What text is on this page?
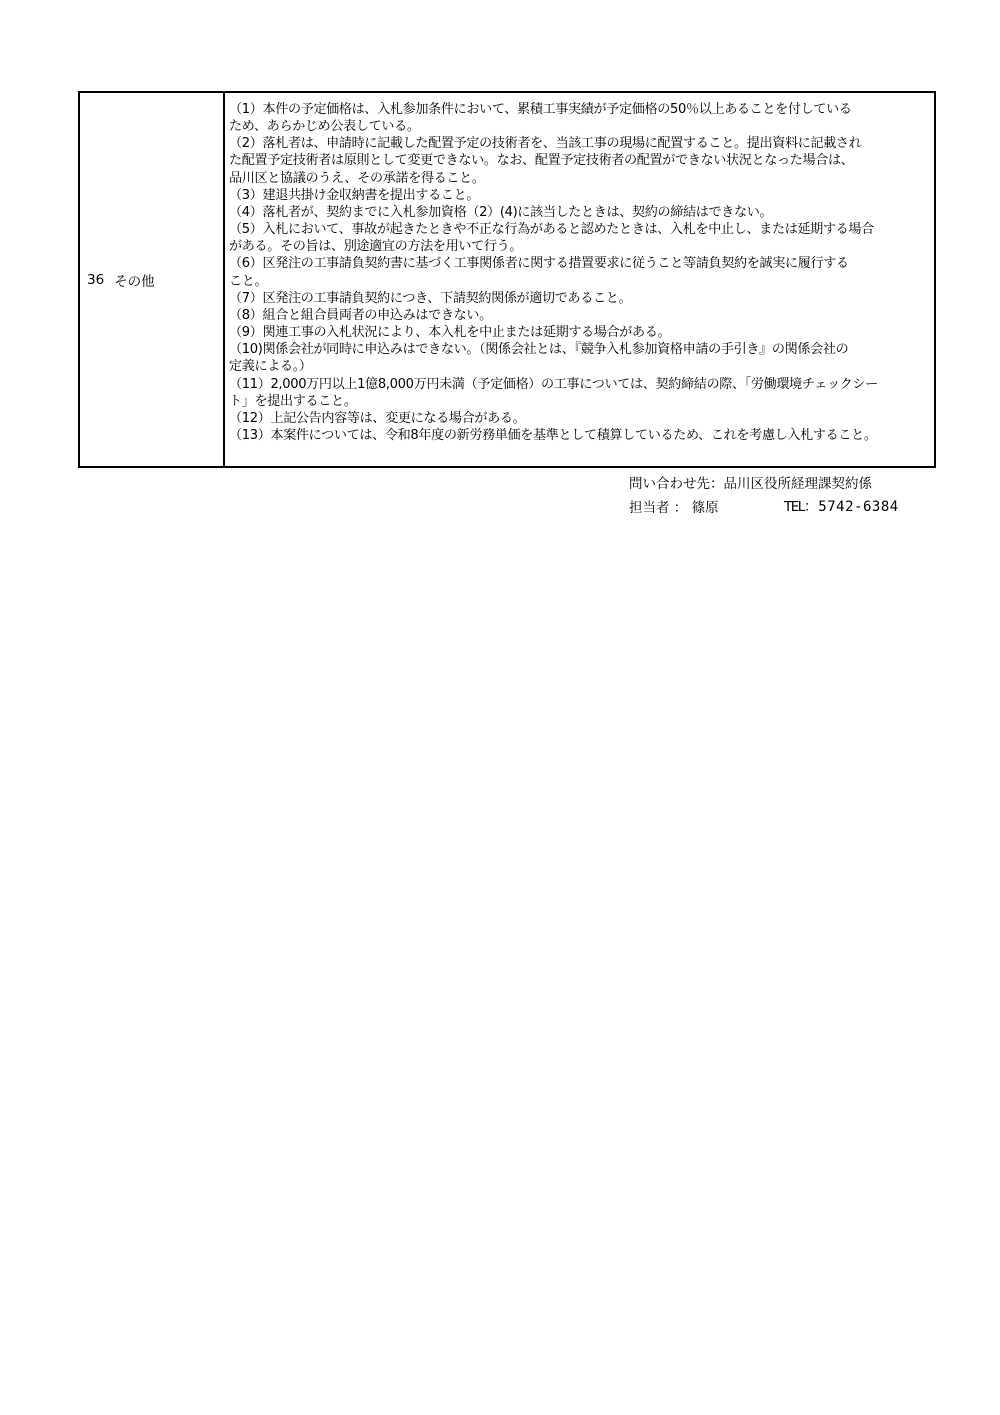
36 その他
（1）本件の予定価格は、入札参加条件において、累積工事実績が予定価格の50％以上あることを付している
ため、あらかじめ公表している。
（2）落札者は、申請時に記載した配置予定の技術者を、当該工事の現場に配置すること。提出資料に記載され
た配置予定技術者は原則として変更できない。なお、配置予定技術者の配置ができない状況となった場合は、
品川区と協議のうえ、その承諾を得ること。
（3）建退共掛け金収納書を提出すること。
（4）落札者が、契約までに入札参加資格（2）(4)に該当したときは、契約の締結はできない。
（5）入札において、事故が起きたときや不正な行為があると認めたときは、入札を中止し、または延期する場合
がある。その旨は、別途適宜の方法を用いて行う。
（6）区発注の工事請負契約書に基づく工事関係者に関する措置要求に従うこと等請負契約を誠実に履行する
こと。
（7）区発注の工事請負契約につき、下請契約関係が適切であること。
（8）組合と組合員両者の申込みはできない。
（9）関連工事の入札状況により、本入札を中止または延期する場合がある。
（10)関係会社が同時に申込みはできない。（関係会社とは、『競争入札参加資格申請の手引き』の関係会社の
定義による。）
（11）2,000万円以上1億8,000万円未満（予定価格）の工事については、契約締結の際、「労働環境チェックシー
ト」を提出すること。
（12）上記公告内容等は、変更になる場合がある。
（13）本案件については、令和8年度の新労務単価を基準として積算しているため、これを考慮し入札すること。
問い合わせ先：品川区役所経理課契約係
担当者 ： 篠原	TEL：5742-6384
